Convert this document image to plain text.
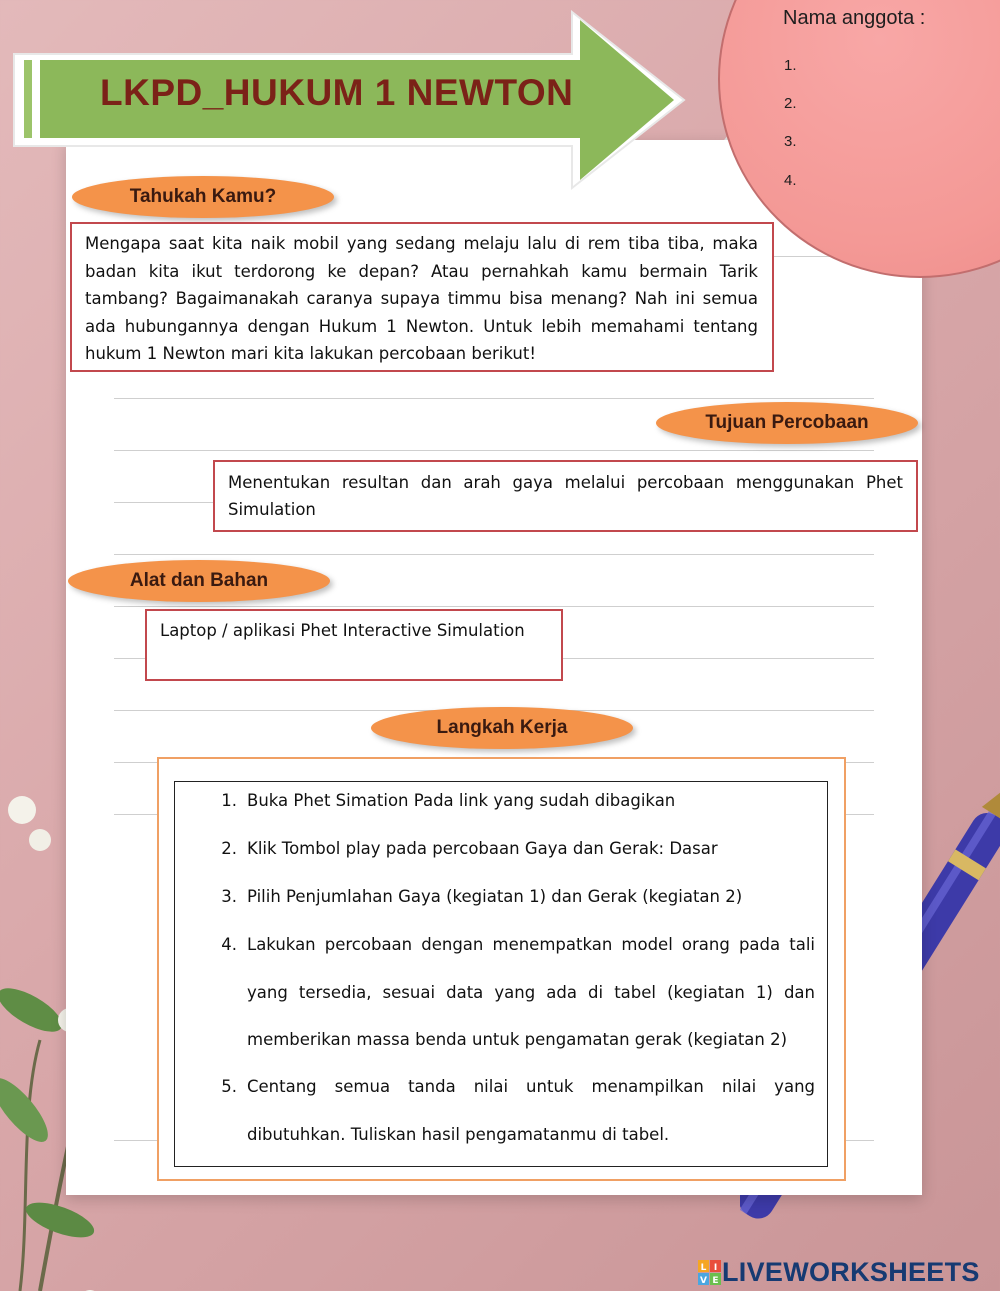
LKPD_HUKUM 1 NEWTON
Nama anggota :
1.
2.
3.
4.
Tahukah Kamu?
Mengapa saat kita naik mobil yang sedang melaju lalu di rem tiba tiba, maka badan kita ikut terdorong ke depan? Atau pernahkah kamu bermain Tarik tambang? Bagaimanakah caranya supaya timmu bisa menang? Nah ini semua ada hubungannya dengan Hukum 1 Newton. Untuk lebih memahami tentang hukum 1 Newton mari kita lakukan percobaan berikut!
Tujuan Percobaan
Menentukan resultan dan arah gaya melalui percobaan menggunakan Phet Simulation
Alat dan Bahan
Laptop / aplikasi Phet Interactive Simulation
Langkah Kerja
1. Buka Phet Simation Pada link yang sudah dibagikan
2. Klik Tombol play pada percobaan Gaya dan Gerak: Dasar
3. Pilih Penjumlahan Gaya (kegiatan 1) dan Gerak (kegiatan 2)
4. Lakukan percobaan dengan menempatkan model orang pada tali yang tersedia, sesuai data yang ada di tabel (kegiatan 1) dan memberikan massa benda untuk pengamatan gerak (kegiatan 2)
5. Centang semua tanda nilai untuk menampilkan nilai yang dibutuhkan. Tuliskan hasil pengamatanmu di tabel.
L I
V E LIVEWORKSHEETS
